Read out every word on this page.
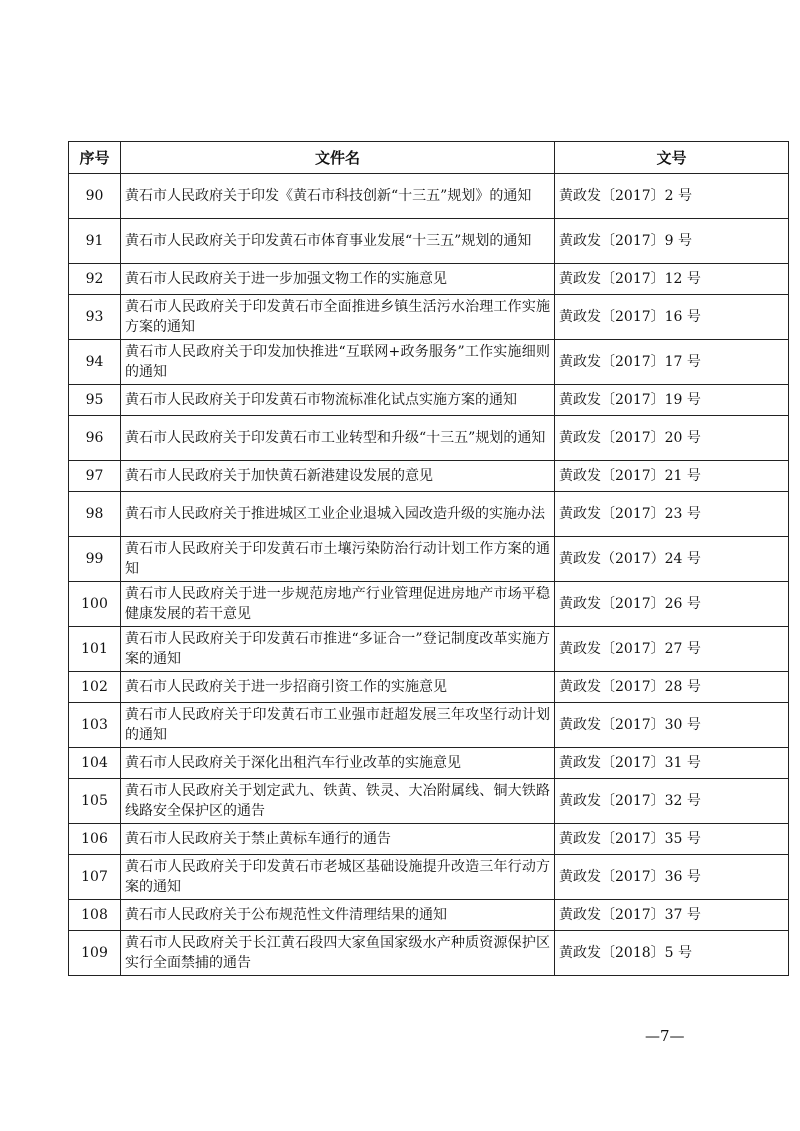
序号	文件名	文号
90	黄石市人民政府关于印发《黄石市科技创新“十三五”规划》的通知	黄政发〔2017〕2 号
91	黄石市人民政府关于印发黄石市体育事业发展“十三五”规划的通知	黄政发〔2017〕9 号
92	黄石市人民政府关于进一步加强文物工作的实施意见	黄政发〔2017〕12 号
93	黄石市人民政府关于印发黄石市全面推进乡镇生活污水治理工作实施方案的通知	黄政发〔2017〕16 号
94	黄石市人民政府关于印发加快推进“互联网+政务服务”工作实施细则的通知	黄政发〔2017〕17 号
95	黄石市人民政府关于印发黄石市物流标准化试点实施方案的通知	黄政发〔2017〕19 号
96	黄石市人民政府关于印发黄石市工业转型和升级“十三五”规划的通知	黄政发〔2017〕20 号
97	黄石市人民政府关于加快黄石新港建设发展的意见	黄政发〔2017〕21 号
98	黄石市人民政府关于推进城区工业企业退城入园改造升级的实施办法	黄政发〔2017〕23 号
99	黄石市人民政府关于印发黄石市土壤污染防治行动计划工作方案的通知	黄政发（2017）24 号
100	黄石市人民政府关于进一步规范房地产行业管理促进房地产市场平稳健康发展的若干意见	黄政发〔2017〕26 号
101	黄石市人民政府关于印发黄石市推进“多证合一”登记制度改革实施方案的通知	黄政发〔2017〕27 号
102	黄石市人民政府关于进一步招商引资工作的实施意见	黄政发〔2017〕28 号
103	黄石市人民政府关于印发黄石市工业强市赶超发展三年攻坚行动计划的通知	黄政发〔2017〕30 号
104	黄石市人民政府关于深化出租汽车行业改革的实施意见	黄政发〔2017〕31 号
105	黄石市人民政府关于划定武九、铁黄、铁灵、大冶附属线、铜大铁路线路安全保护区的通告	黄政发〔2017〕32 号
106	黄石市人民政府关于禁止黄标车通行的通告	黄政发〔2017〕35 号
107	黄石市人民政府关于印发黄石市老城区基础设施提升改造三年行动方案的通知	黄政发〔2017〕36 号
108	黄石市人民政府关于公布规范性文件清理结果的通知	黄政发〔2017〕37 号
109	黄石市人民政府关于长江黄石段四大家鱼国家级水产种质资源保护区实行全面禁捕的通告	黄政发〔2018〕5 号
—7—
